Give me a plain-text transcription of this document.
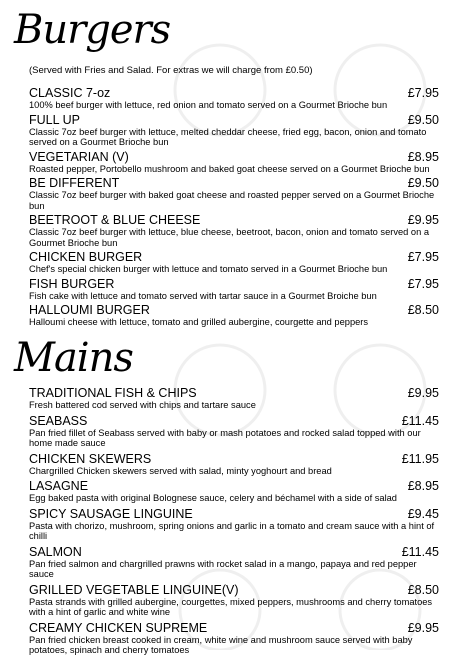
Burgers
(Served with Fries and Salad. For extras we will charge from £0.50)
CLASSIC 7-oz	£7.95
100% beef burger with lettuce, red onion and tomato served on a Gourmet Brioche bun
FULL UP	£9.50
Classic 7oz beef burger with lettuce, melted cheddar cheese, fried egg, bacon, onion and tomato served on a Gourmet Brioche bun
VEGETARIAN (V)	£8.95
Roasted pepper, Portobello mushroom and baked goat cheese served on a Gourmet Brioche bun
BE DIFFERENT	£9.50
Classic 7oz beef burger with baked goat cheese and roasted pepper served on a Gourmet Brioche bun
BEETROOT & BLUE CHEESE	£9.95
Classic 7oz beef burger with lettuce, blue cheese, beetroot, bacon, onion and tomato served on a Gourmet Brioche bun
CHICKEN BURGER	£7.95
Chef's special chicken burger with lettuce and tomato served in a Gourmet Brioche bun
FISH BURGER	£7.95
Fish cake with lettuce and tomato served with tartar sauce in a Gourmet Broiche bun
HALLOUMI BURGER	£8.50
Halloumi cheese with lettuce, tomato and grilled aubergine, courgette and peppers
Mains
TRADITIONAL FISH & CHIPS	£9.95
Fresh battered cod served with chips and tartare sauce
SEABASS	£11.45
Pan fried fillet of Seabass served with baby or mash potatoes and rocked salad topped with our home made sauce
CHICKEN SKEWERS	£11.95
Chargrilled Chicken skewers served with salad, minty yoghourt and bread
LASAGNE	£8.95
Egg baked pasta with original Bolognese sauce, celery and béchamel with a side of salad
SPICY SAUSAGE LINGUINE	£9.45
Pasta with chorizo, mushroom, spring onions and garlic in a tomato and cream sauce with a hint of chilli
SALMON	£11.45
Pan fried salmon and chargrilled prawns with rocket salad in a mango, papaya and red pepper sauce
GRILLED VEGETABLE LINGUINE(V)	£8.50
Pasta strands with grilled aubergine, courgettes, mixed peppers, mushrooms and cherry tomatoes with a hint of garlic and white wine
CREAMY CHICKEN SUPREME	£9.95
Pan fried chicken breast cooked in cream, white wine and mushroom sauce served with baby potatoes, spinach and cherry tomatoes
